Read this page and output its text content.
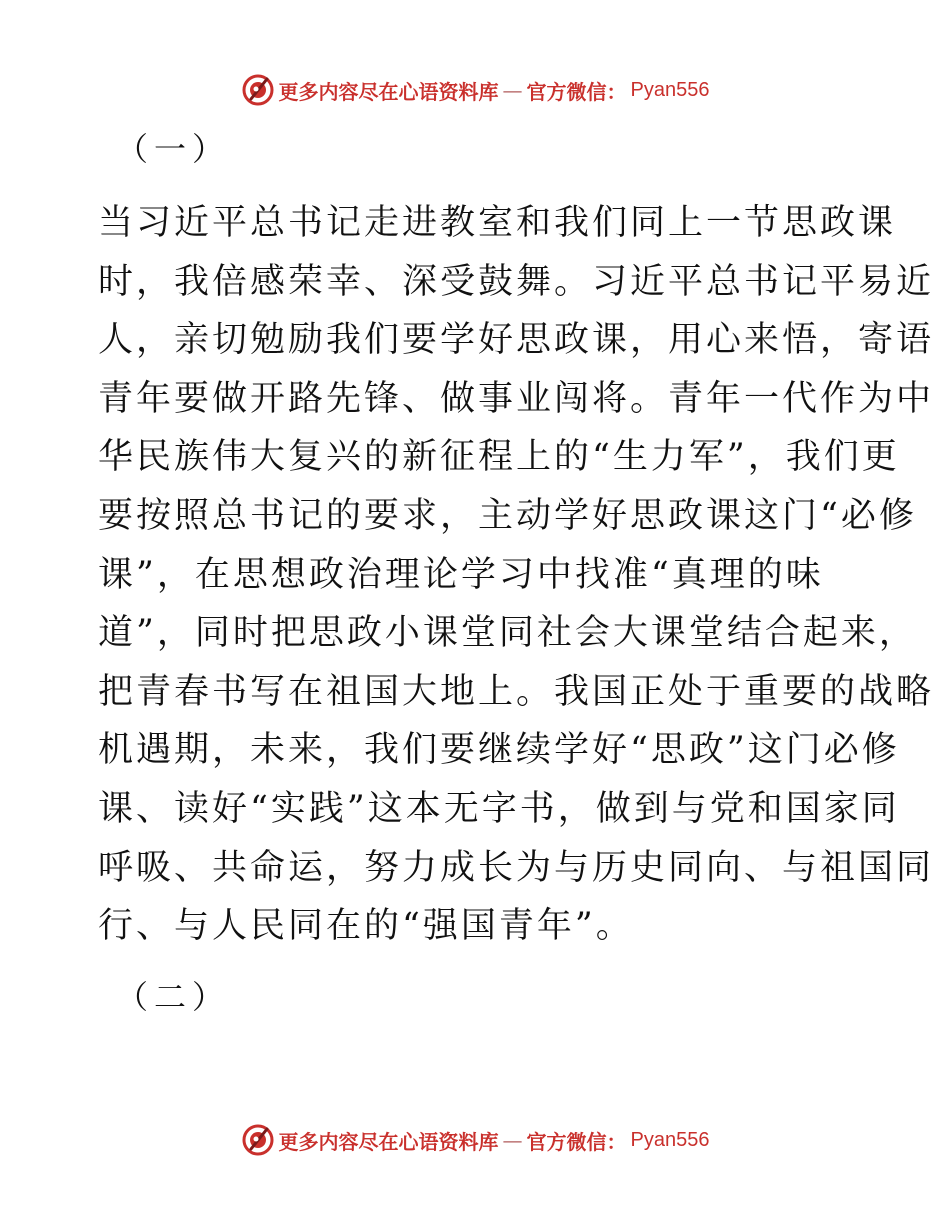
更多内容尽在心语资料库 — 官方微信： Pyan556
（一）
当习近平总书记走进教室和我们同上一节思政课
时，我倍感荣幸、深受鼓舞。习近平总书记平易近
人，亲切勉励我们要学好思政课，用心来悟，寄语
青年要做开路先锋、做事业闯将。青年一代作为中
华民族伟大复兴的新征程上的“生力军”，我们更
要按照总书记的要求，主动学好思政课这门“必修
课”，在思想政治理论学习中找准“真理的味
道”，同时把思政小课堂同社会大课堂结合起来，
把青春书写在祖国大地上。我国正处于重要的战略
机遇期，未来，我们要继续学好“思政”这门必修
课、读好“实践”这本无字书，做到与党和国家同
呼吸、共命运，努力成长为与历史同向、与祖国同
行、与人民同在的“强国青年”。
（二）
更多内容尽在心语资料库 — 官方微信： Pyan556
